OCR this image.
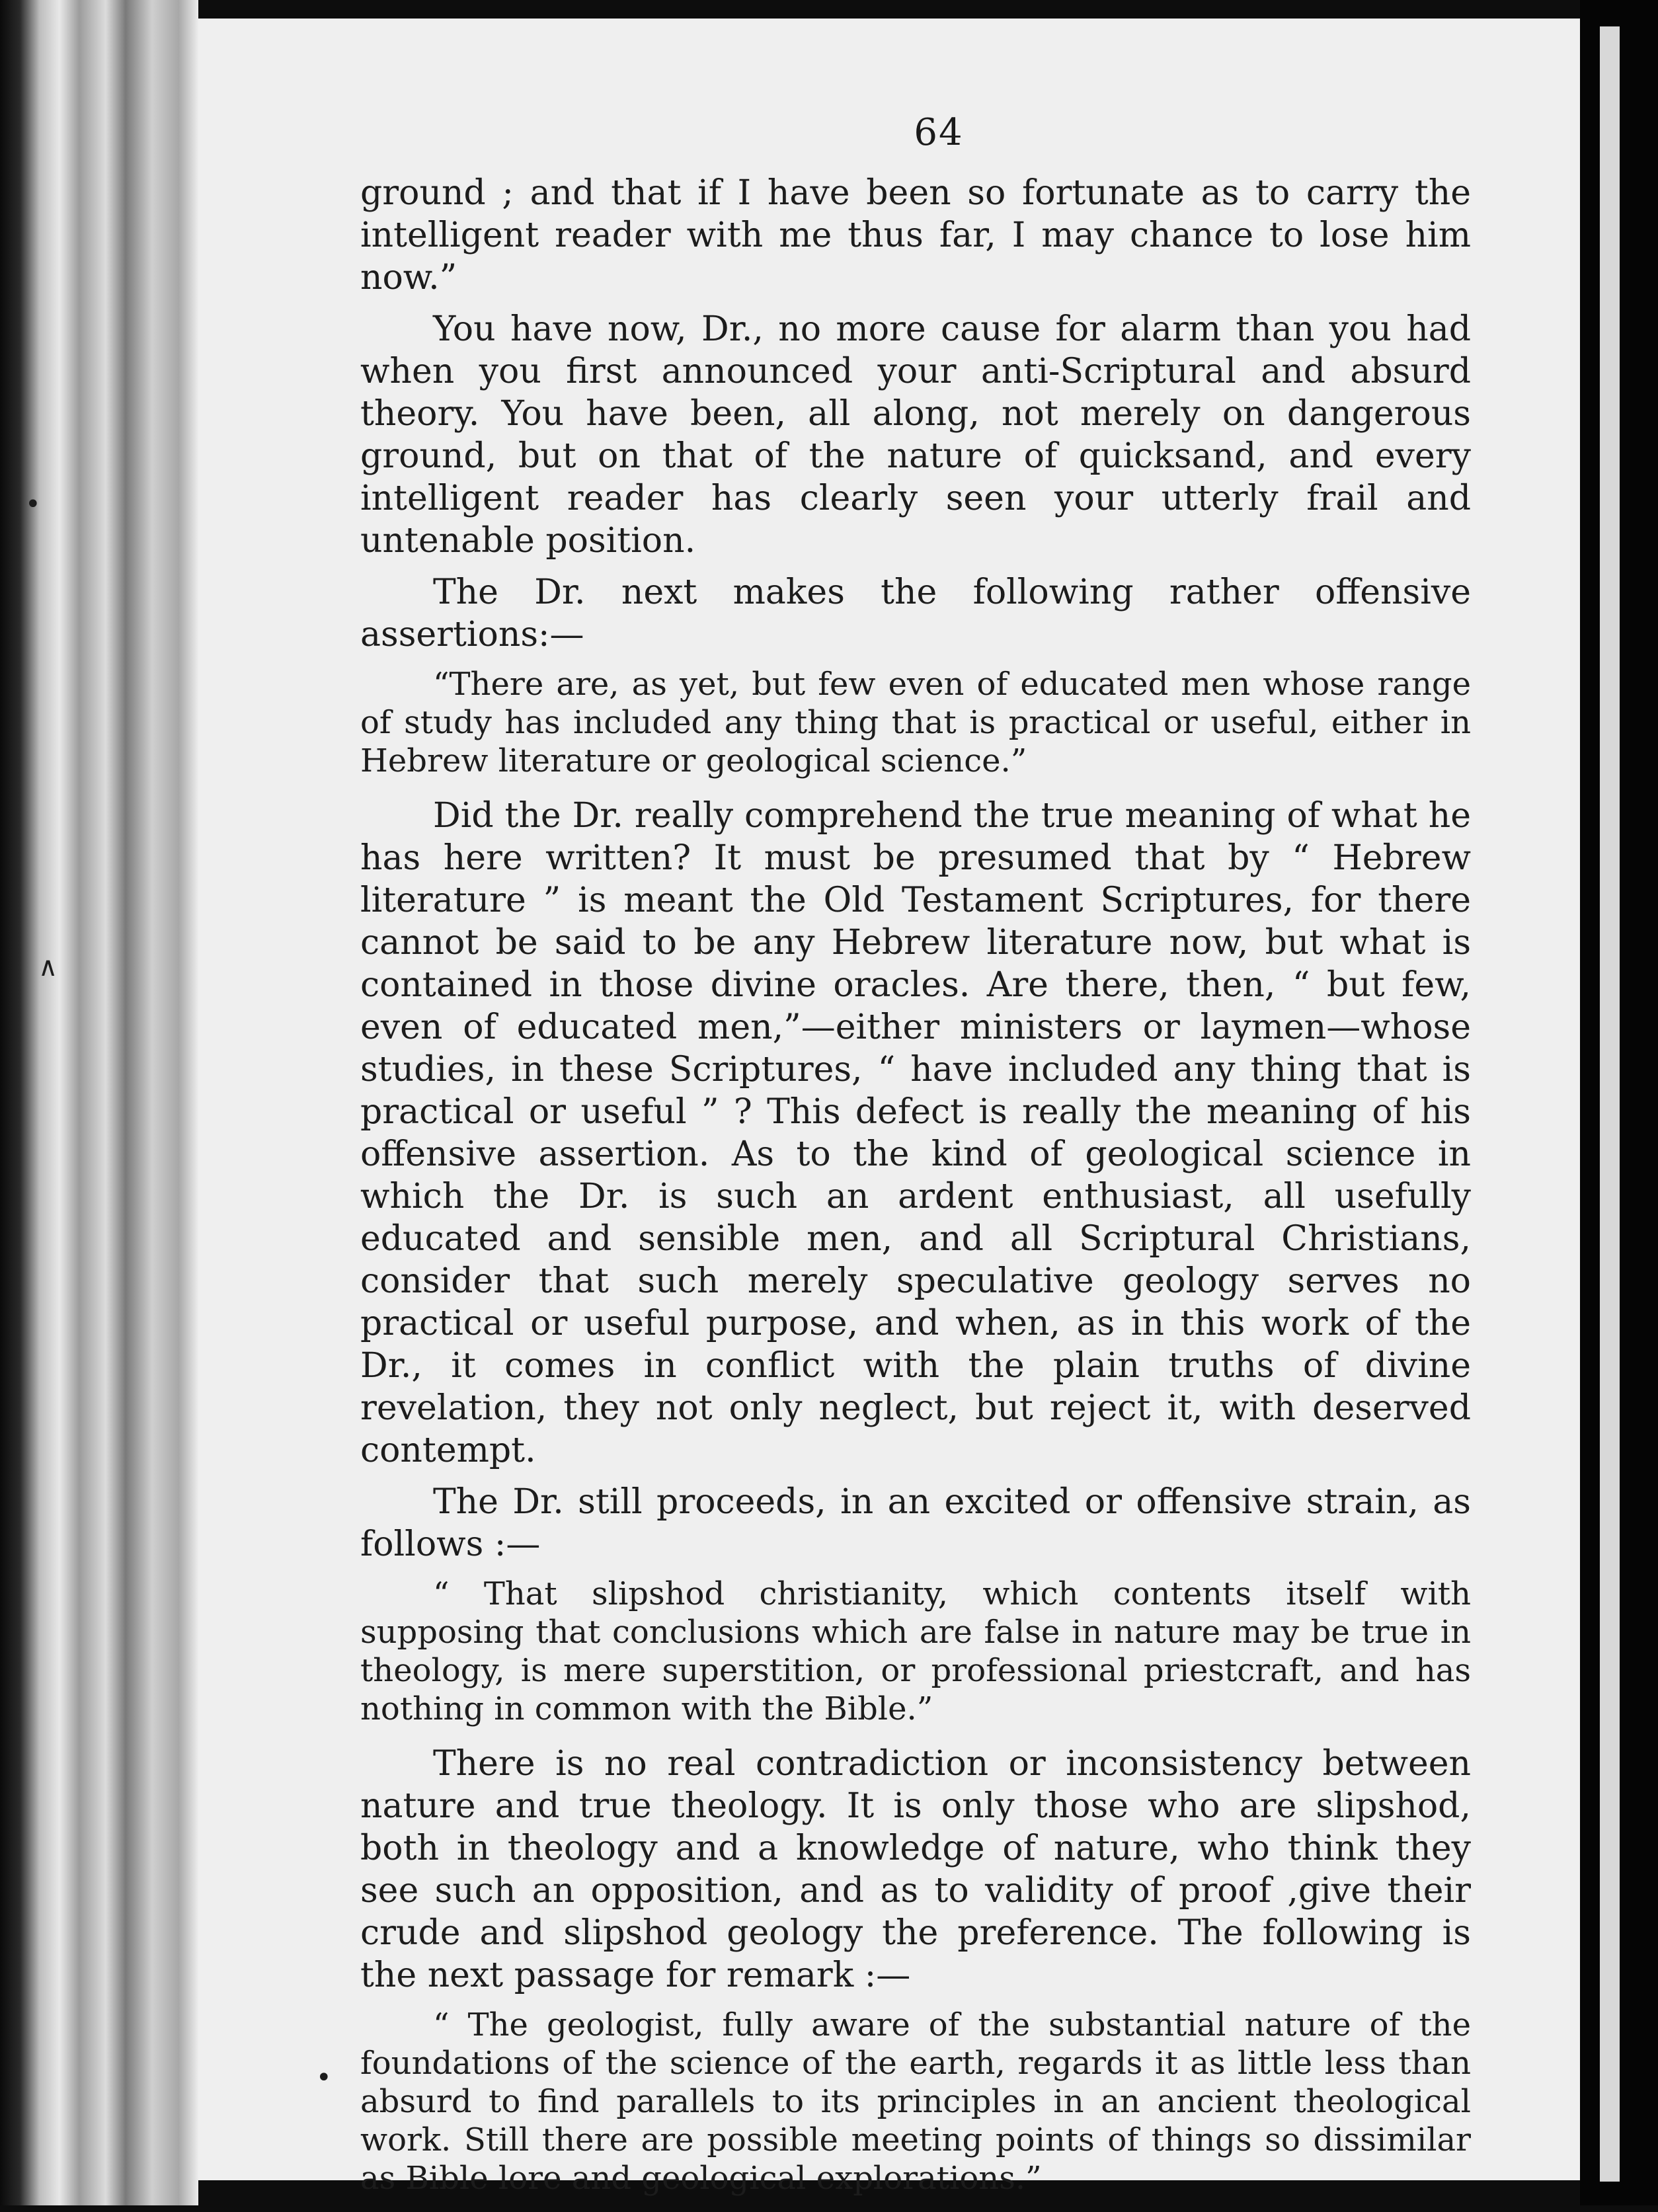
64

ground ; and that if I have been so fortunate as to carry the intelligent reader with me thus far, I may chance to lose him now.”

You have now, Dr., no more cause for alarm than you had when you first announced your anti-Scriptural and absurd theory. You have been, all along, not merely on dangerous ground, but on that of the nature of quicksand, and every intelligent reader has clearly seen your utterly frail and untenable position.

The Dr. next makes the following rather offensive assertions:—

“There are, as yet, but few even of educated men whose range of study has included any thing that is practical or useful, either in Hebrew literature or geological science.”

Did the Dr. really comprehend the true meaning of what he has here written? It must be presumed that by “ Hebrew literature ” is meant the Old Testament Scriptures, for there cannot be said to be any Hebrew literature now, but what is contained in those divine oracles. Are there, then, “ but few, even of educated men,”—either ministers or laymen—whose studies, in these Scriptures, “ have included any thing that is practical or useful ” ? This defect is really the meaning of his offensive assertion. As to the kind of geological science in which the Dr. is such an ardent enthusiast, all usefully educated and sensible men, and all Scriptural Christians, consider that such merely speculative geology serves no practical or useful purpose, and when, as in this work of the Dr., it comes in conflict with the plain truths of divine revelation, they not only neglect, but reject it, with deserved contempt.

The Dr. still proceeds, in an excited or offensive strain, as follows :—

“ That slipshod christianity, which contents itself with supposing that conclusions which are false in nature may be true in theology, is mere superstition, or professional priestcraft, and has nothing in common with the Bible.”

There is no real contradiction or inconsistency between nature and true theology. It is only those who are slipshod, both in theology and a knowledge of nature, who think they see such an opposition, and as to validity of proof ,give their crude and slipshod geology the preference. The following is the next passage for remark :—

“ The geologist, fully aware of the substantial nature of the foundations of the science of the earth, regards it as little less than absurd to find parallels to its principles in an ancient theological work. Still there are possible meeting points of things so dissimilar as Bible lore and geological explorations.”

•
∧
•
